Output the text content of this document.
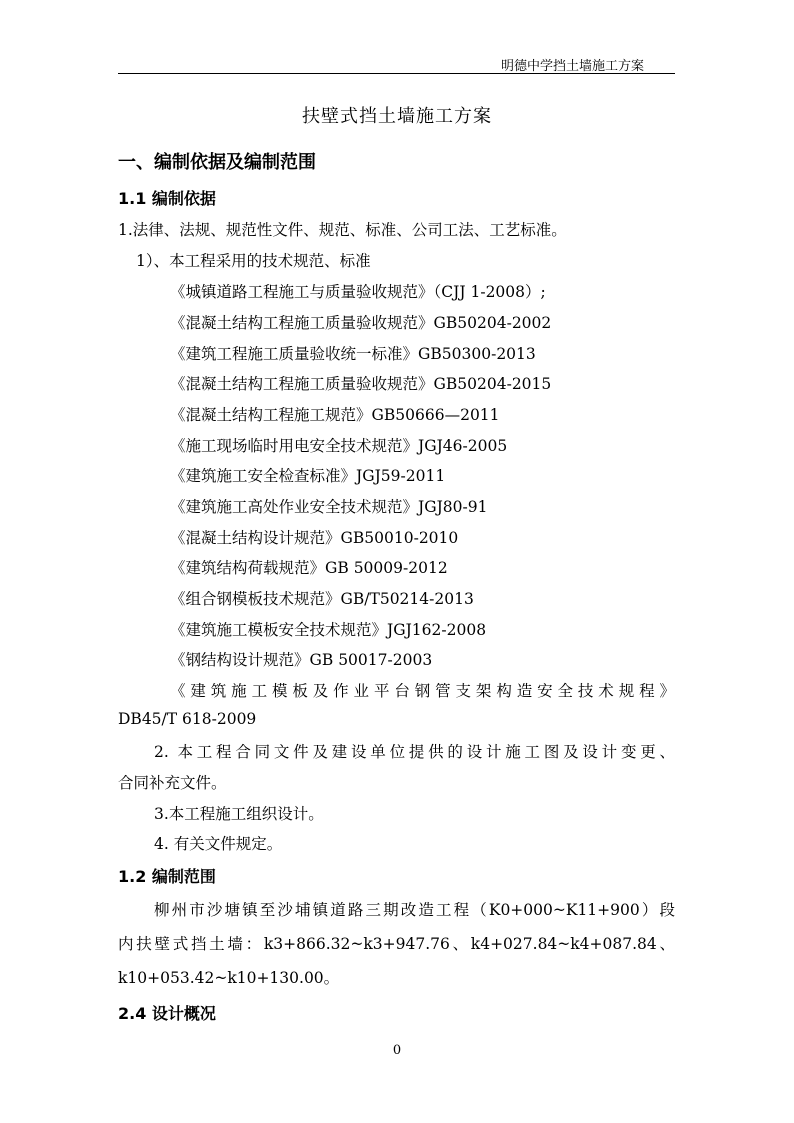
明德中学挡土墙施工方案
扶壁式挡土墙施工方案
一、编制依据及编制范围
1.1 编制依据
1.法律、法规、规范性文件、规范、标准、公司工法、工艺标准。
1）、本工程采用的技术规范、标准
《城镇道路工程施工与质量验收规范》（CJJ 1-2008）;
《混凝土结构工程施工质量验收规范》GB50204-2002
《建筑工程施工质量验收统一标准》GB50300-2013
《混凝土结构工程施工质量验收规范》GB50204-2015
《混凝土结构工程施工规范》GB50666—2011
《施工现场临时用电安全技术规范》JGJ46-2005
《建筑施工安全检查标准》JGJ59-2011
《建筑施工高处作业安全技术规范》JGJ80-91
《混凝土结构设计规范》GB50010-2010
《建筑结构荷载规范》GB 50009-2012
《组合钢模板技术规范》GB/T50214-2013
《建筑施工模板安全技术规范》JGJ162-2008
《钢结构设计规范》GB 50017-2003
《建筑施工模板及作业平台钢管支架构造安全技术规程》
DB45/T 618-2009
2. 本工程合同文件及建设单位提供的设计施工图及设计变更、
合同补充文件。
3.本工程施工组织设计。
4. 有关文件规定。
1.2 编制范围
柳州市沙塘镇至沙埔镇道路三期改造工程（K0+000~K11+900）段
内扶壁式挡土墙：k3+866.32~k3+947.76、k4+027.84~k4+087.84、
k10+053.42~k10+130.00。
2.4 设计概况
0
